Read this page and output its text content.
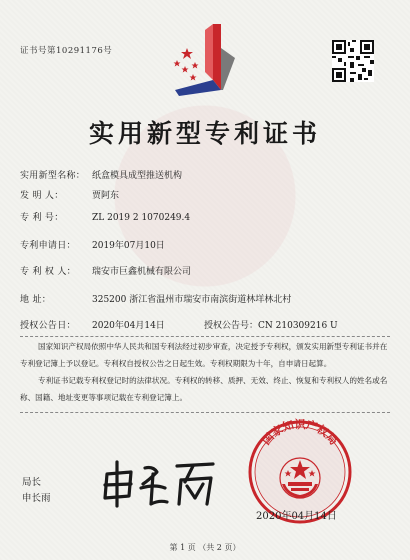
证书号第10291176号
实用新型专利证书
实用新型名称： 纸盒模具成型推送机构
发 明 人：	贾阿东
专 利 号：	ZL 2019 2 1070249.4
专利申请日： 2019年07月10日
专 利 权 人： 瑞安市巨鑫机械有限公司
地 址：	325200 浙江省温州市瑞安市南滨街道林垟林北村
授权公告日： 2020年04月14日	授权公告号：CN 210309216 U
国家知识产权局依照中华人民共和国专利法经过初步审查，决定授予专利权，颁发实用新型专利证书并在专利登记簿上予以登记。专利权自授权公告之日起生效。专利权期限为十年，自申请日起算。
专利证书记载专利权登记时的法律状况。专利权的转移、质押、无效、终止、恢复和专利权人的姓名或名称、国籍、地址变更等事项记载在专利登记簿上。
局长
申长雨
国家知识产权局
2020年04月14日
第 1 页 （共 2 页）
